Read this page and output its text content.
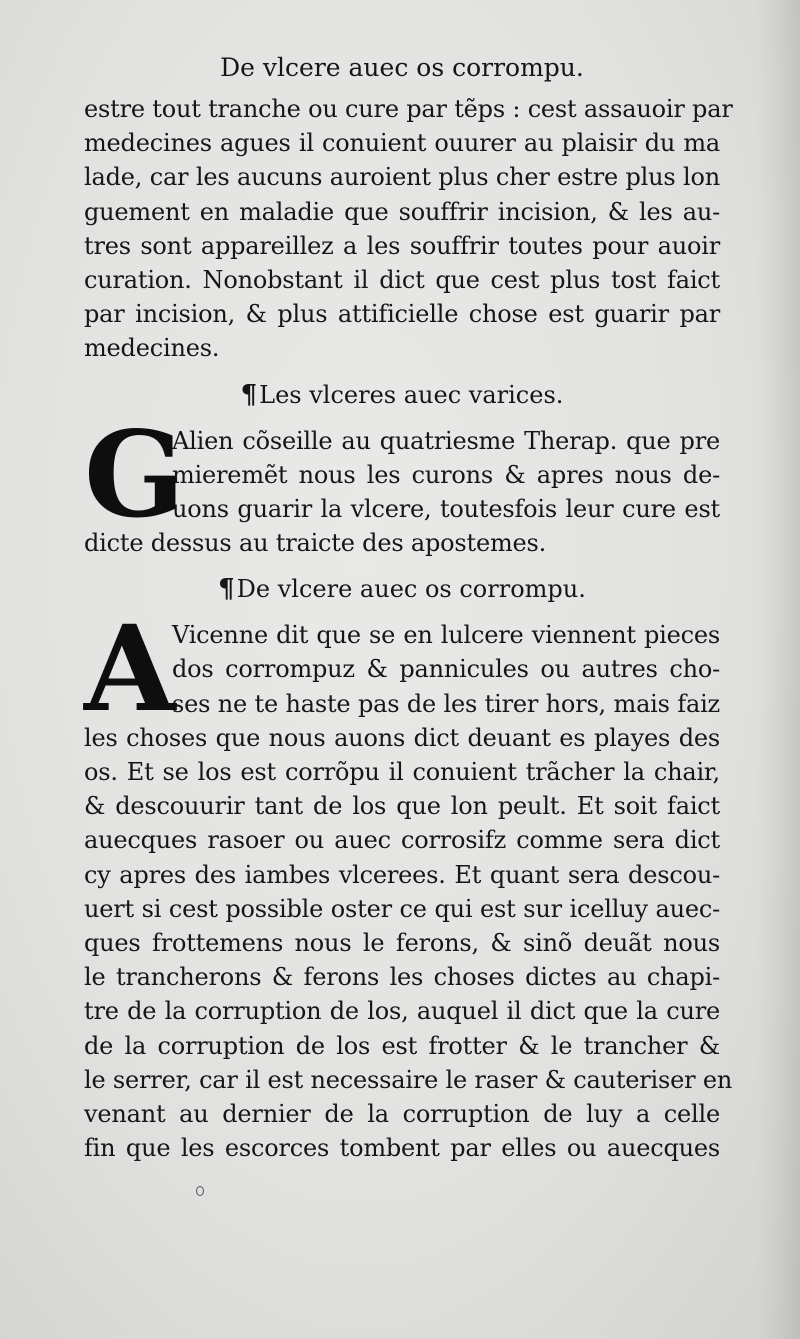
De vlcere auec os corrompu.
estre tout tranche ou cure par tẽps : cest assauoir par
medecines agues il conuient ouurer au plaisir du ma
lade, car les aucuns auroient plus cher estre plus lon
guement en maladie que souffrir incision, & les au-
tres sont appareillez a les souffrir toutes pour auoir
curation. Nonobstant il dict que cest plus tost faict
par incision, & plus attificielle chose est guarir par
medecines.
¶Les vlceres auec varices.
G
Alien cõseille au quatriesme Therap. que pre
mieremẽt nous les curons & apres nous de-
uons guarir la vlcere, toutesfois leur cure est
dicte dessus au traicte des apostemes.
¶De vlcere auec os corrompu.
A
Vicenne dit que se en lulcere viennent pieces
dos corrompuz & pannicules ou autres cho-
ses ne te haste pas de les tirer hors, mais faiz
les choses que nous auons dict deuant es playes des
os. Et se los est corrõpu il conuient trãcher la chair,
& descouurir tant de los que lon peult. Et soit faict
auecques rasoer ou auec corrosifz comme sera dict
cy apres des iambes vlcerees. Et quant sera descou-
uert si cest possible oster ce qui est sur icelluy auec-
ques frottemens nous le ferons, & sinõ deuãt nous
le trancherons & ferons les choses dictes au chapi-
tre de la corruption de los, auquel il dict que la cure
de la corruption de los est frotter & le trancher &
le serrer, car il est necessaire le raser & cauteriser en
venant au dernier de la corruption de luy a celle
fin que les escorces tombent par elles ou auecques
